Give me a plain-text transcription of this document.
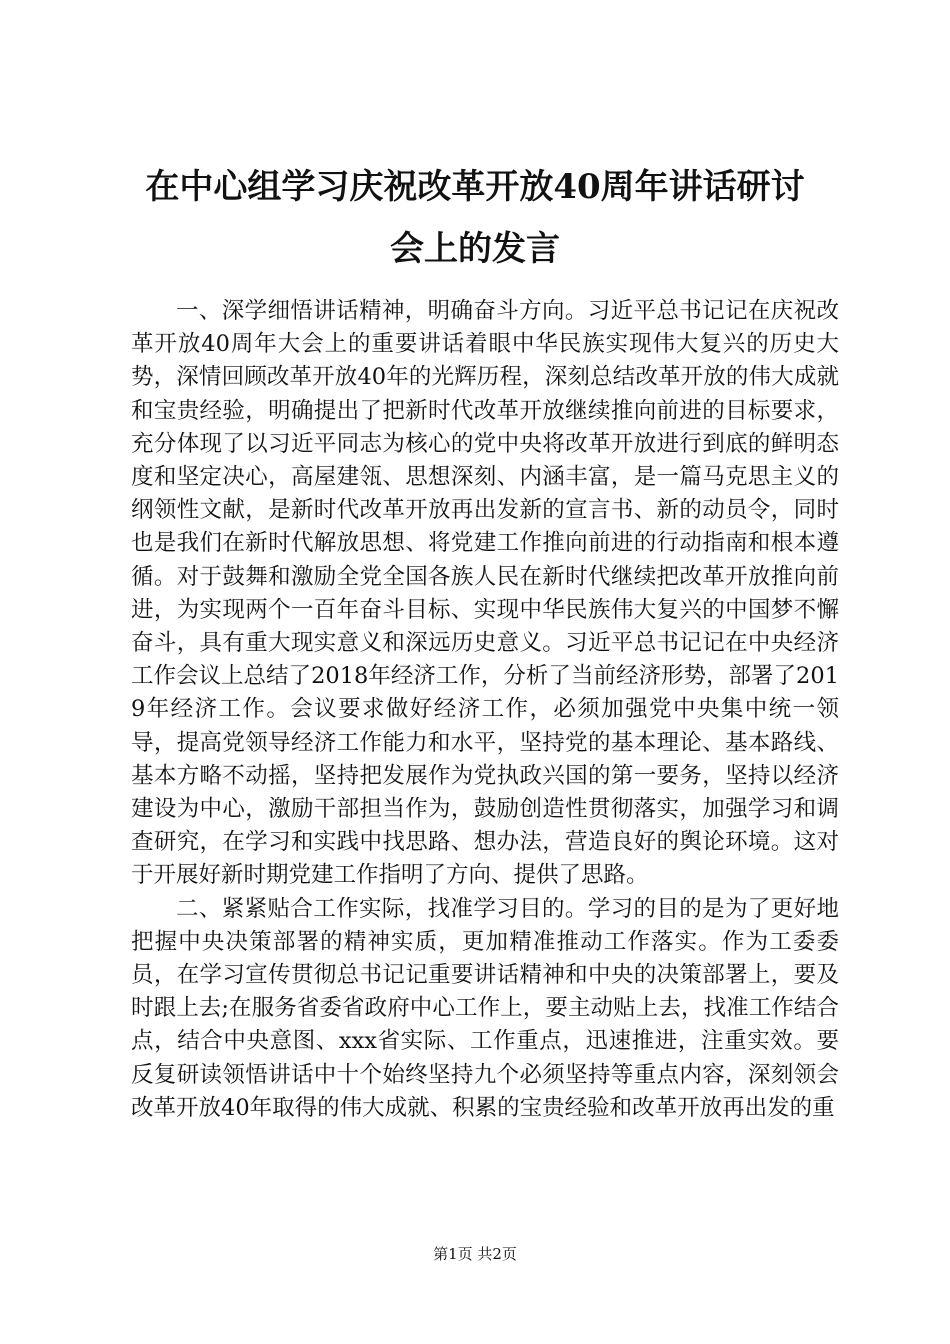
在中心组学习庆祝改革开放40周年讲话研讨
会上的发言

一、深学细悟讲话精神，明确奋斗方向。习近平总书记记在庆祝改革开放40周年大会上的重要讲话着眼中华民族实现伟大复兴的历史大势，深情回顾改革开放40年的光辉历程，深刻总结改革开放的伟大成就和宝贵经验，明确提出了把新时代改革开放继续推向前进的目标要求，充分体现了以习近平同志为核心的党中央将改革开放进行到底的鲜明态度和坚定决心，高屋建瓴、思想深刻、内涵丰富，是一篇马克思主义的纲领性文献，是新时代改革开放再出发新的宣言书、新的动员令，同时也是我们在新时代解放思想、将党建工作推向前进的行动指南和根本遵循。对于鼓舞和激励全党全国各族人民在新时代继续把改革开放推向前进，为实现两个一百年奋斗目标、实现中华民族伟大复兴的中国梦不懈奋斗，具有重大现实意义和深远历史意义。习近平总书记记在中央经济工作会议上总结了2018年经济工作，分析了当前经济形势，部署了2019年经济工作。会议要求做好经济工作，必须加强党中央集中统一领导，提高党领导经济工作能力和水平，坚持党的基本理论、基本路线、基本方略不动摇，坚持把发展作为党执政兴国的第一要务，坚持以经济建设为中心，激励干部担当作为，鼓励创造性贯彻落实，加强学习和调查研究，在学习和实践中找思路、想办法，营造良好的舆论环境。这对于开展好新时期党建工作指明了方向、提供了思路。

二、紧紧贴合工作实际，找准学习目的。学习的目的是为了更好地把握中央决策部署的精神实质，更加精准推动工作落实。作为工委委员，在学习宣传贯彻总书记记重要讲话精神和中央的决策部署上，要及时跟上去;在服务省委省政府中心工作上，要主动贴上去，找准工作结合点，结合中央意图、xxx省实际、工作重点，迅速推进，注重实效。要反复研读领悟讲话中十个始终坚持九个必须坚持等重点内容，深刻领会改革开放40年取得的伟大成就、积累的宝贵经验和改革开放再出发的重

第1页 共2页
